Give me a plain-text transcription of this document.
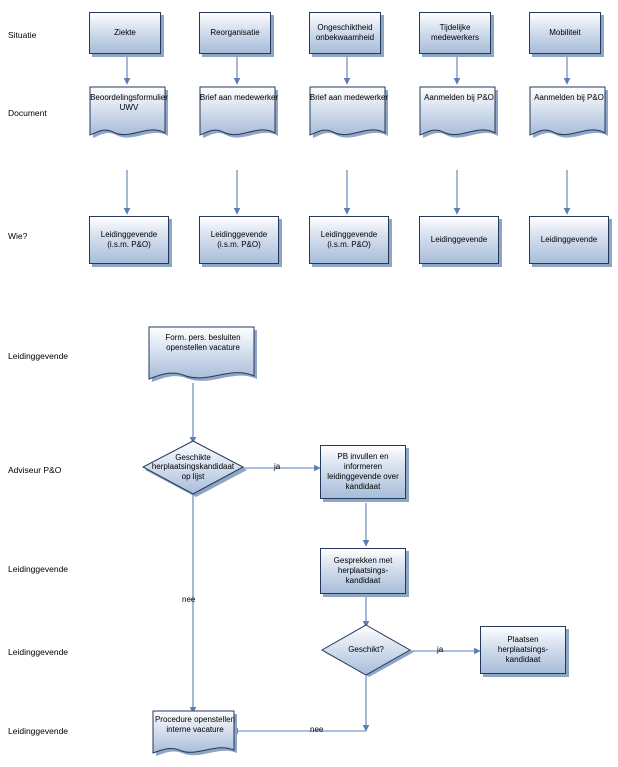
Situatie
Document
Wie?
Ziekte	Reorganisatie
Ongeschiktheid onbekwaamheid
Tijdelijke medewerkers
Mobiliteit
Beoordelingsformulier UWV
Brief aan medewerker	Brief aan medewerker	Aanmelden bij P&O	Aanmelden bij P&O
Leidinggevende
(i.s.m. P&O)
Leidinggevende
(i.s.m. P&O)
Leidinggevende
(i.s.m. P&O)
Leidinggevende	Leidinggevende
Leidinggevende
Adviseur P&O
Leidinggevende
Leidinggevende
Leidinggevende
Form. pers. besluiten openstellen vacature
Geschikte herplaatsingskandidaat op lijst
PB invullen en informeren leidinggevende over kandidaat
Gesprekken met herplaatsings-kandidaat
Geschikt?
Plaatsen herplaatsings-kandidaat
Procedure openstellen interne vacature
ja
nee
ja
nee
